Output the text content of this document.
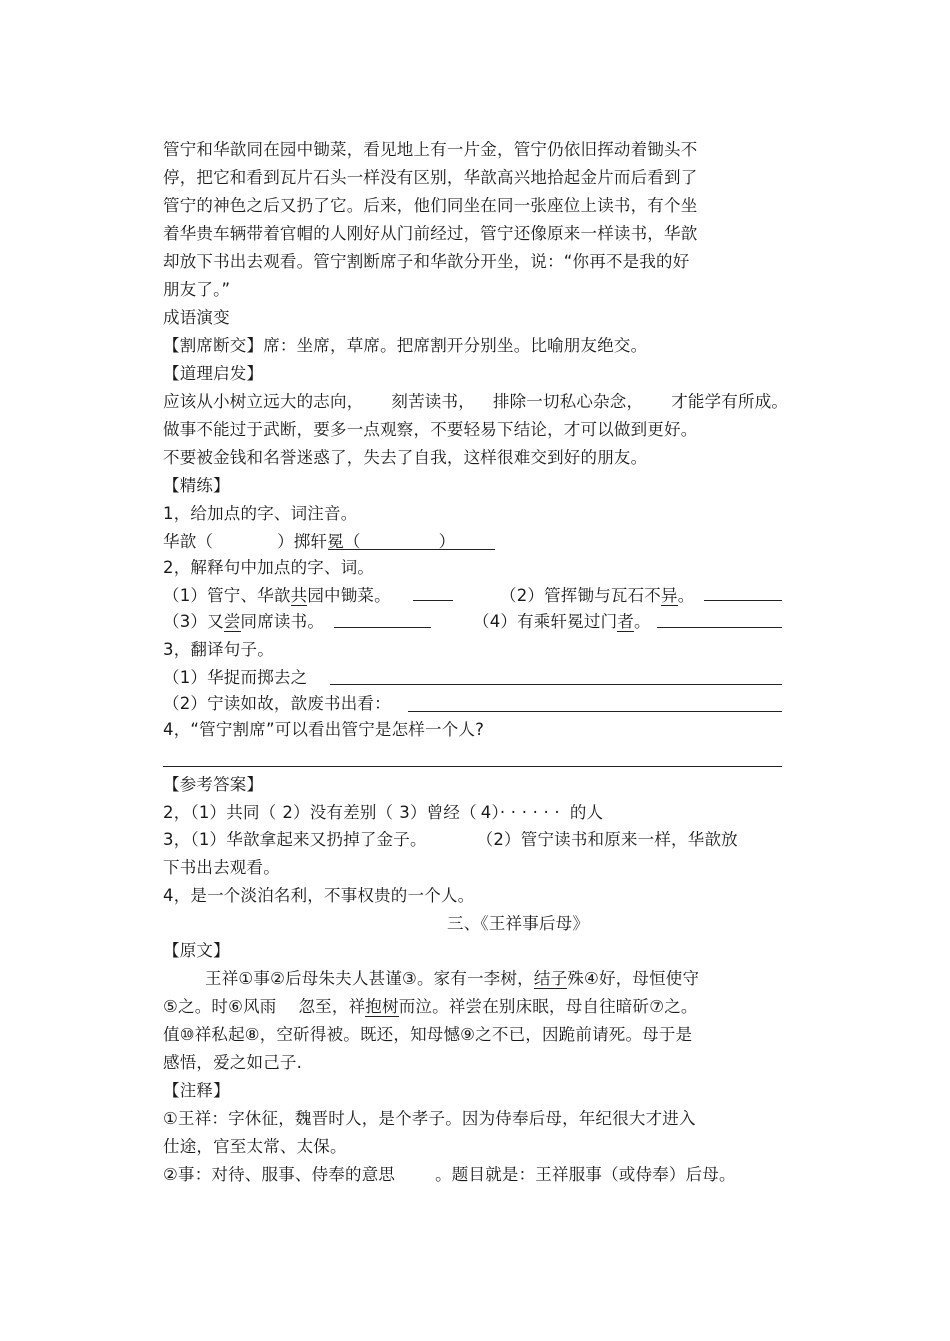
管宁和华歆同在园中锄菜，看见地上有一片金，管宁仍依旧挥动着锄头不
停，把它和看到瓦片石头一样没有区别，华歆高兴地拾起金片而后看到了
管宁的神色之后又扔了它。后来，他们同坐在同一张座位上读书，有个坐
着华贵车辆带着官帽的人刚好从门前经过，管宁还像原来一样读书，华歆
却放下书出去观看。管宁割断席子和华歆分开坐，说：“你再不是我的好
朋友了。”
成语演变
【割席断交】席：坐席，草席。把席割开分别坐。比喻朋友绝交。
【道理启发】
应该从小树立远大的志向， 刻苦读书， 排除一切私心杂念， 才能学有所成。
做事不能过于武断，要多一点观察，不要轻易下结论，才可以做到更好。
不要被金钱和名誉迷惑了，失去了自我，这样很难交到好的朋友。
【精练】
1，给加点的字、词注音。
华歆（	）掷轩冕（	）
2，解释句中加点的字、词。
（1）管宁、华歆共园中锄菜。	（2）管挥锄与瓦石不异。
（3）又尝同席读书。	（4）有乘轩冕过门者。
3，翻译句子。
（1）华捉而掷去之
（2）宁读如故，歆废书出看：
4，“管宁割席”可以看出管宁是怎样一个人?
【参考答案】
2，（1）共同（ 2）没有差别（ 3）曾经（ 4）· · · · · · 的人
3，（1）华歆拿起来又扔掉了金子。	（2）管宁读书和原来一样，华歆放
下书出去观看。
4，是一个淡泊名利，不事权贵的一个人。
三、《王祥事后母》
【原文】
王祥①事②后母朱夫人甚谨③。家有一李树，结子殊④好，母恒使守
⑤之。时⑥风雨 忽至，祥抱树而泣。祥尝在别床眠，母自往暗斫⑦之。
值⑩祥私起⑧，空斫得被。既还，知母憾⑨之不已，因跪前请死。母于是
感悟，爱之如己子.
【注释】
①王祥：字休征，魏晋时人，是个孝子。因为侍奉后母，年纪很大才进入
仕途，官至太常、太保。
②事：对待、服事、侍奉的意思 。题目就是：王祥服事（或侍奉）后母。
